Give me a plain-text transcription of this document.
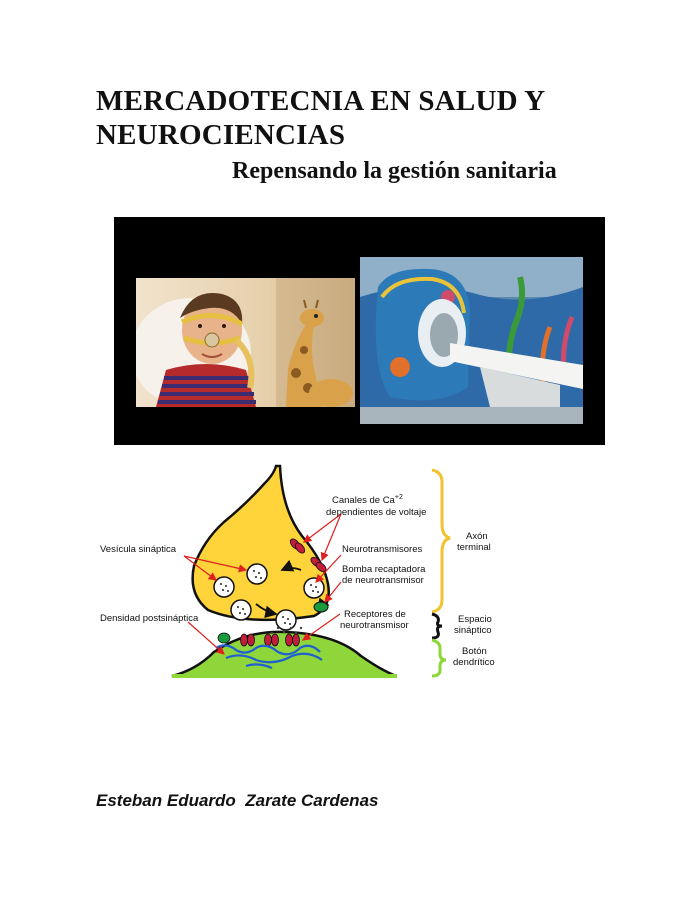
MERCADOTECNIA EN SALUD Y
NEUROCIENCIAS
Repensando la gestión sanitaria
Canales de $Ca^{+2}$
dependientes de voltaje
Vesícula sináptica	Neurotransmisores
Bomba recaptadora
de neurotransmisor
Receptores de
neurotransmisor
Densidad postsináptica
Axón
terminal
Espacio
sináptico
Botón
dendrítico

Esteban Eduardo  Zarate Cardenas
